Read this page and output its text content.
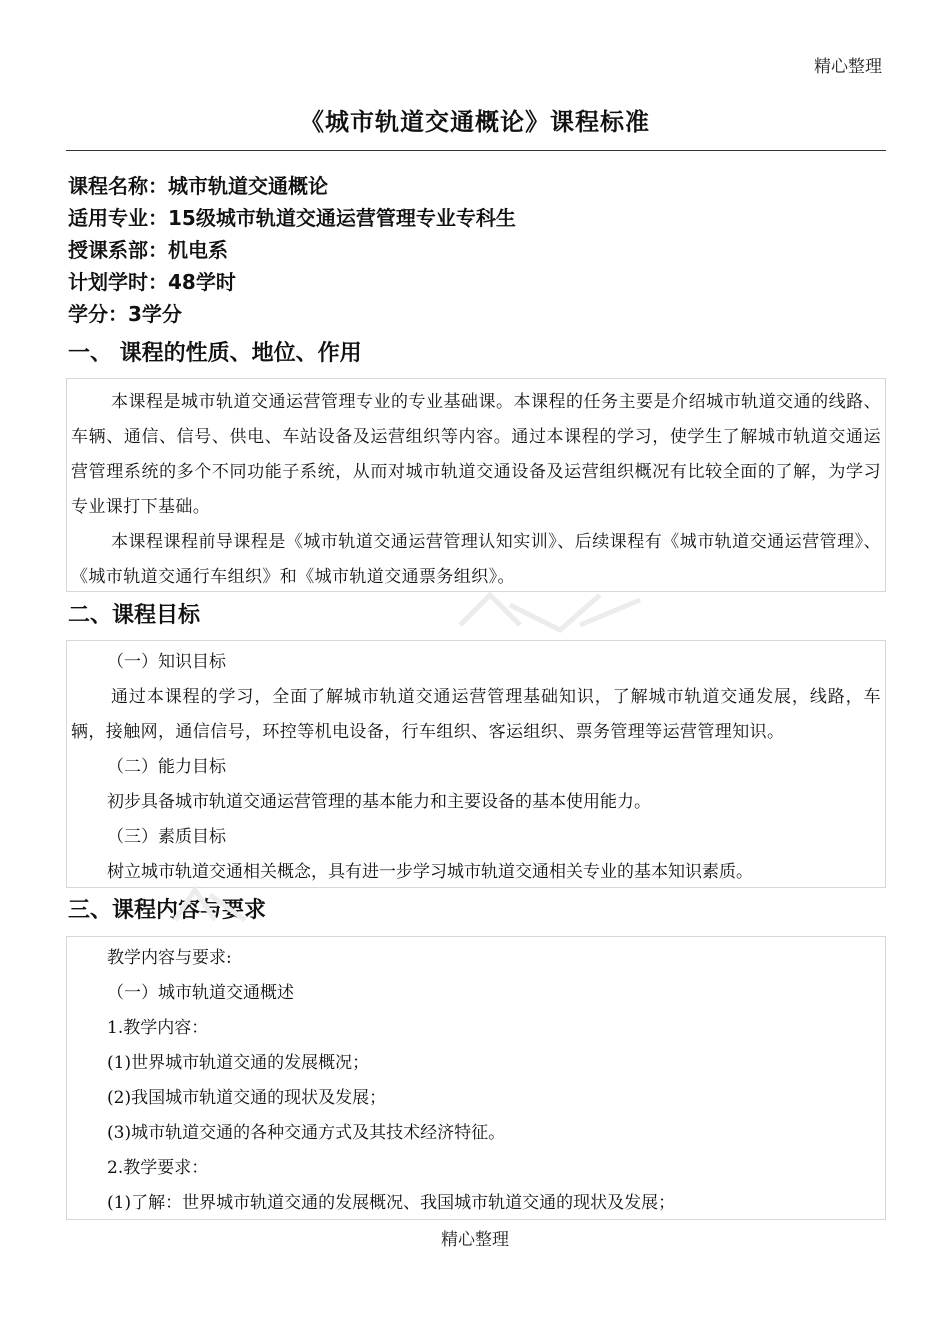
精心整理
《城市轨道交通概论》课程标准
课程名称：城市轨道交通概论
适用专业：15级城市轨道交通运营管理专业专科生
授课系部：机电系
计划学时：48学时
学分：3学分
一、 课程的性质、地位、作用

本课程是城市轨道交通运营管理专业的专业基础课。本课程的任务主要是介绍城市轨道交通的线路、车辆、通信、信号、供电、车站设备及运营组织等内容。通过本课程的学习，使学生了解城市轨道交通运营管理系统的多个不同功能子系统，从而对城市轨道交通设备及运营组织概况有比较全面的了解，为学习专业课打下基础。

本课程课程前导课程是《城市轨道交通运营管理认知实训》、后续课程有《城市轨道交通运营管理》、《城市轨道交通行车组织》和《城市轨道交通票务组织》。

二、课程目标

（一）知识目标

通过本课程的学习，全面了解城市轨道交通运营管理基础知识，了解城市轨道交通发展，线路，车辆，接触网，通信信号，环控等机电设备，行车组织、客运组织、票务管理等运营管理知识。

（二）能力目标

初步具备城市轨道交通运营管理的基本能力和主要设备的基本使用能力。

（三）素质目标

树立城市轨道交通相关概念，具有进一步学习城市轨道交通相关专业的基本知识素质。

三、课程内容与要求

教学内容与要求:

（一）城市轨道交通概述

1.教学内容：

(1)世界城市轨道交通的发展概况；

(2)我国城市轨道交通的现状及发展；

(3)城市轨道交通的各种交通方式及其技术经济特征。

2.教学要求：

(1)了解：世界城市轨道交通的发展概况、我国城市轨道交通的现状及发展；

精心整理
